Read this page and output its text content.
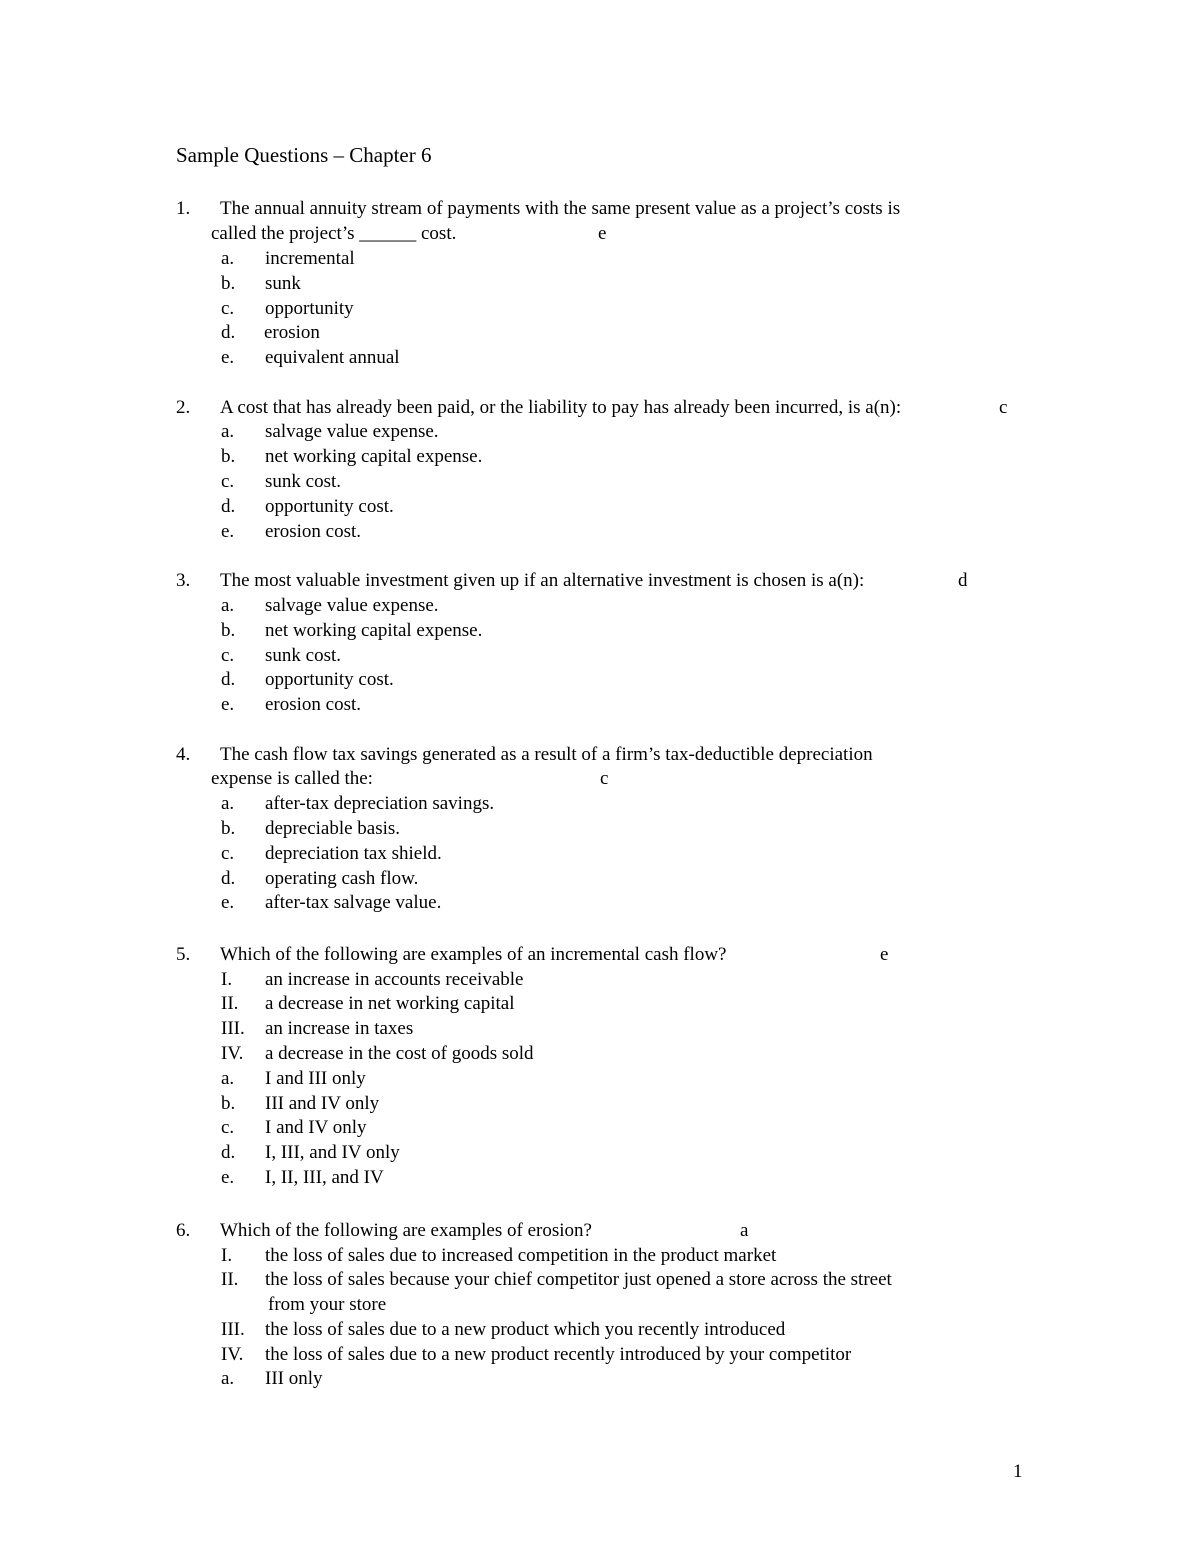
Sample Questions – Chapter 6
1. The annual annuity stream of payments with the same present value as a project’s costs is
called the project’s ______ cost.	e
a. incremental
b. sunk
c. opportunity
d. erosion
e. equivalent annual
2. A cost that has already been paid, or the liability to pay has already been incurred, is a(n):	c
a. salvage value expense.
b. net working capital expense.
c. sunk cost.
d. opportunity cost.
e. erosion cost.
3. The most valuable investment given up if an alternative investment is chosen is a(n):	d
a. salvage value expense.
b. net working capital expense.
c. sunk cost.
d. opportunity cost.
e. erosion cost.
4. The cash flow tax savings generated as a result of a firm’s tax-deductible depreciation
expense is called the:	c
a. after-tax depreciation savings.
b. depreciable basis.
c. depreciation tax shield.
d. operating cash flow.
e. after-tax salvage value.
5. Which of the following are examples of an incremental cash flow?	e
I. an increase in accounts receivable
II. a decrease in net working capital
III. an increase in taxes
IV. a decrease in the cost of goods sold
a. I and III only
b. III and IV only
c. I and IV only
d. I, III, and IV only
e. I, II, III, and IV
6. Which of the following are examples of erosion?	a
I. the loss of sales due to increased competition in the product market
II. the loss of sales because your chief competitor just opened a store across the street
from your store
III. the loss of sales due to a new product which you recently introduced
IV. the loss of sales due to a new product recently introduced by your competitor
a. III only
1
